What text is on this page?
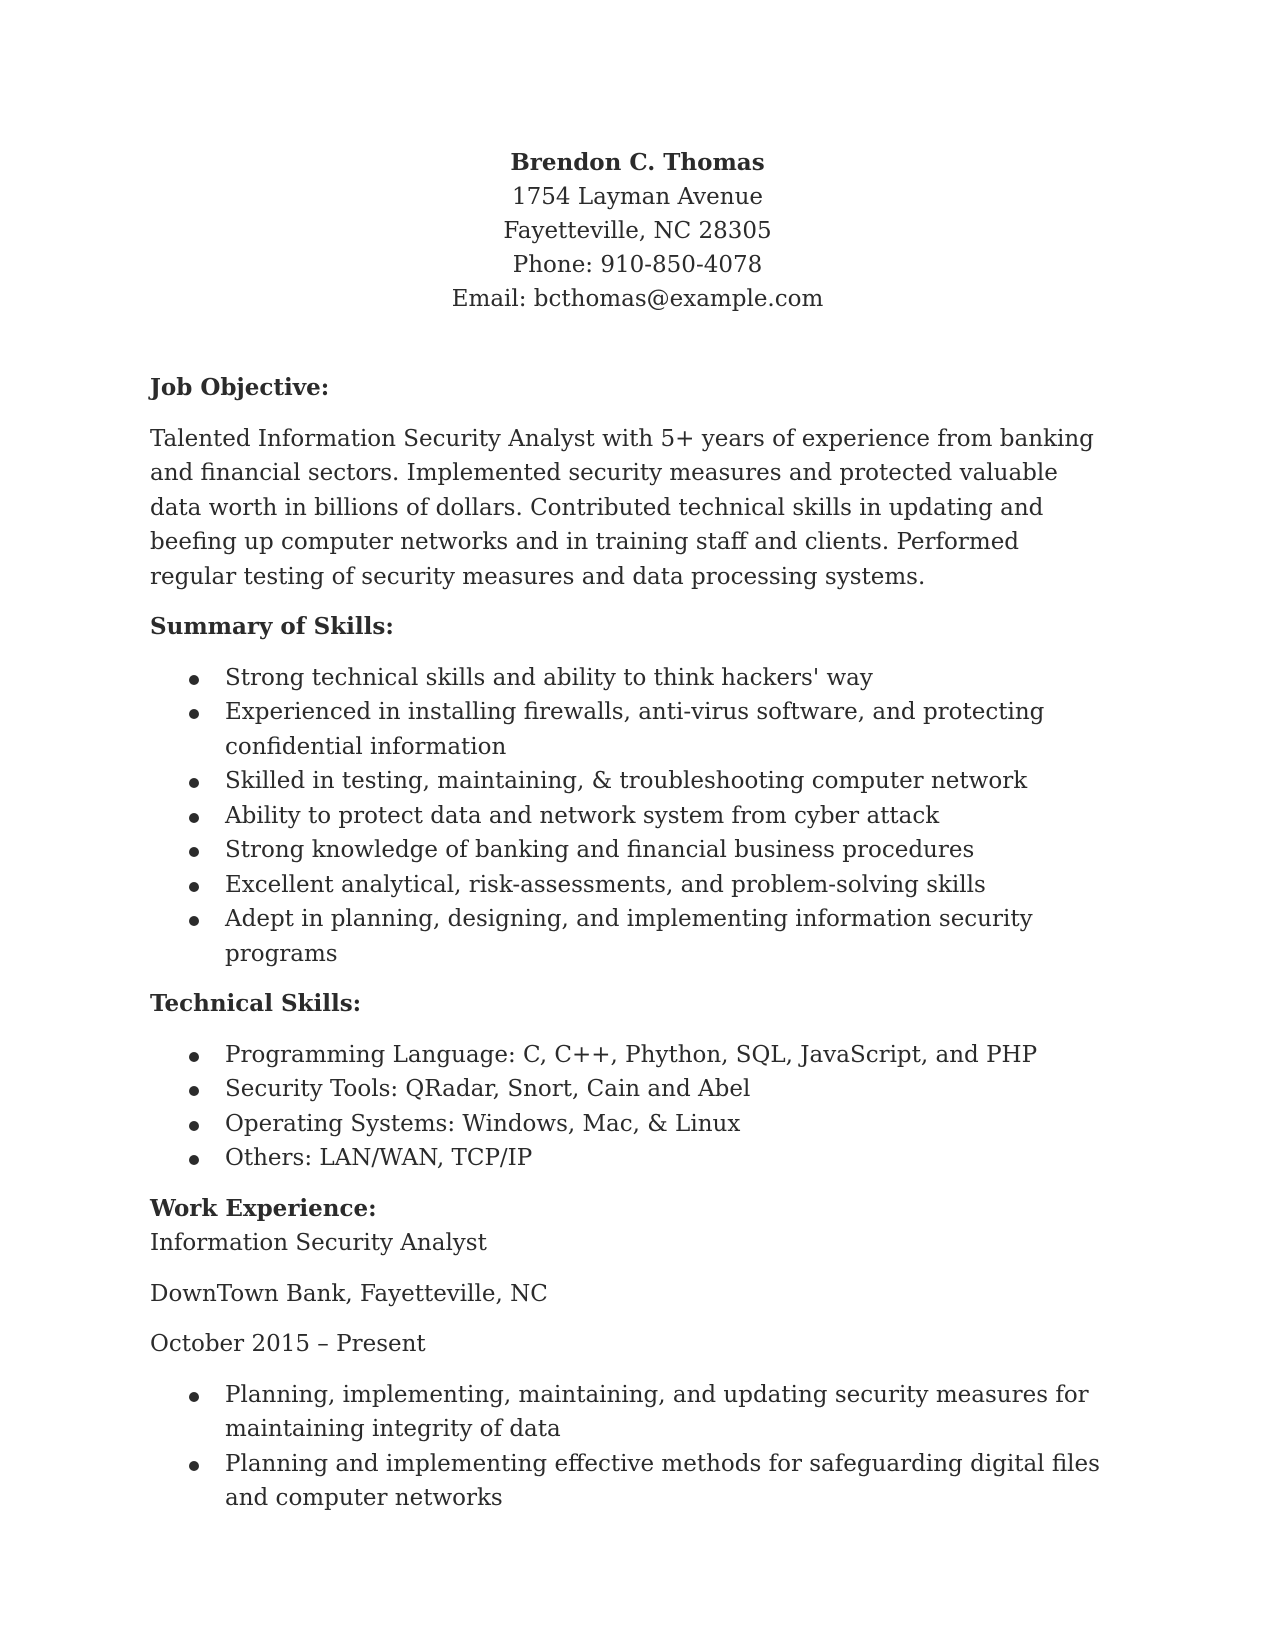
Brendon C. Thomas
1754 Layman Avenue
Fayetteville, NC 28305
Phone: 910-850-4078
Email: bcthomas@example.com
Job Objective:

Talented Information Security Analyst with 5+ years of experience from banking and financial sectors. Implemented security measures and protected valuable data worth in billions of dollars. Contributed technical skills in updating and beefing up computer networks and in training staff and clients. Performed regular testing of security measures and data processing systems.

Summary of Skills:
Strong technical skills and ability to think hackers' way
Experienced in installing firewalls, anti-virus software, and protecting confidential information
Skilled in testing, maintaining, & troubleshooting computer network
Ability to protect data and network system from cyber attack
Strong knowledge of banking and financial business procedures
Excellent analytical, risk-assessments, and problem-solving skills
Adept in planning, designing, and implementing information security programs
Technical Skills:
Programming Language: C, C++, Phython, SQL, JavaScript, and PHP
Security Tools: QRadar, Snort, Cain and Abel
Operating Systems: Windows, Mac, & Linux
Others: LAN/WAN, TCP/IP
Work Experience:
Information Security Analyst
DownTown Bank, Fayetteville, NC
October 2015 – Present
Planning, implementing, maintaining, and updating security measures for maintaining integrity of data
Planning and implementing effective methods for safeguarding digital files and computer networks
